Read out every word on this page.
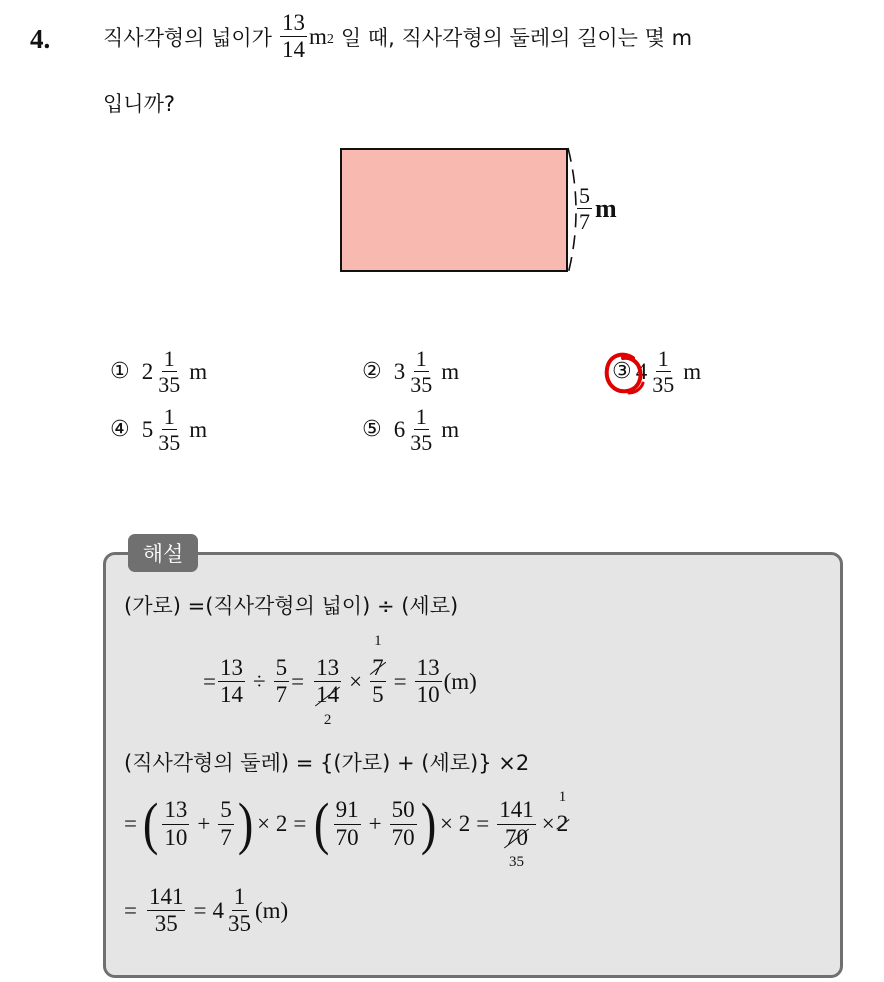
4.	직사각형의 넓이가 $\frac{13}{14}$ m 2 일 때, 직사각형의 둘레의 길이는 몇 m
입니까?
$\frac{5}{7}$ m
① $2 \frac{1}{35}$ m	② $3 \frac{1}{35}$ m	③ $4 \frac{1}{35}$ m
④ $5 \frac{1}{35}$ m	⑤ $6 \frac{1}{35}$ m
해설
(가로) =(직사각형의 넓이) ÷ (세로)
= $\frac{13}{14} \div \frac{5}{7} = 13$
14
2 × 7
1
$5 = \frac{13}{10} (m)$
(직사각형의 둘레) = {(가로) + (세로)} ×2
= ( $\frac{13}{10} + \frac{5}{7}$ ) × 2 = ( $\frac{91}{70} + \frac{50}{70}$ ) × 2 = 141
70
35 × 2
1
= $\frac{141}{35} = 4 \frac{1}{35} (m)$
